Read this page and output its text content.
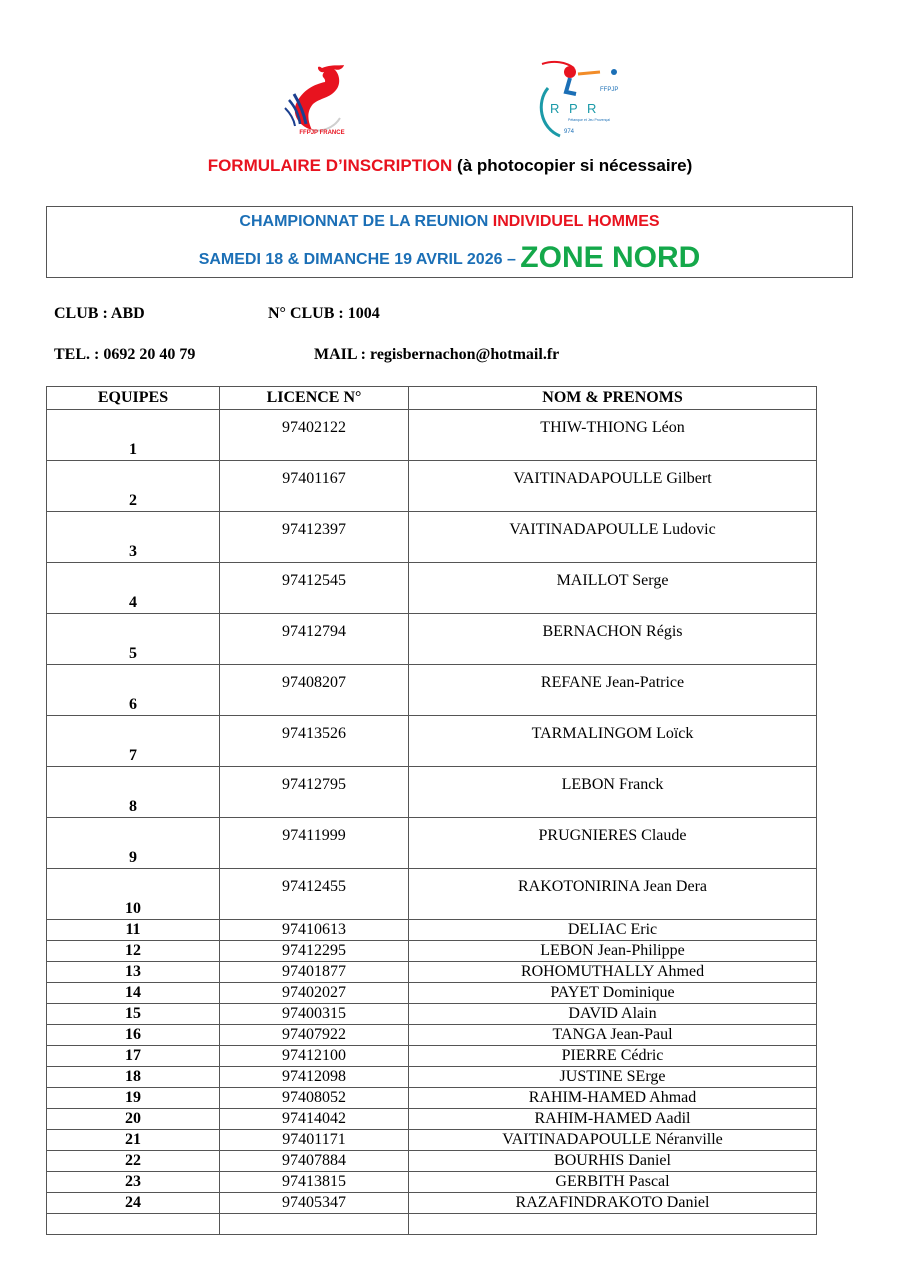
FFPJP FRANCE
FFPJP
R P R
Pétanque et Jeu Provençal
974
FORMULAIRE D’INSCRIPTION (à photocopier si nécessaire)
CHAMPIONNAT DE LA REUNION INDIVIDUEL HOMMES
SAMEDI 18 & DIMANCHE 19 AVRIL 2026 – ZONE NORD
CLUB : ABD	N° CLUB : 1004
TEL. : 0692 20 40 79	MAIL : regisbernachon@hotmail.fr
EQUIPES	LICENCE N°	NOM & PRENOMS
1	97402122	THIW-THIONG Léon
2	97401167	VAITINADAPOULLE Gilbert
3	97412397	VAITINADAPOULLE Ludovic
4	97412545	MAILLOT Serge
5	97412794	BERNACHON Régis
6	97408207	REFANE Jean-Patrice
7	97413526	TARMALINGOM Loïck
8	97412795	LEBON Franck
9	97411999	PRUGNIERES Claude
10	97412455	RAKOTONIRINA Jean Dera
11	97410613	DELIAC Eric
12	97412295	LEBON Jean-Philippe
13	97401877	ROHOMUTHALLY Ahmed
14	97402027	PAYET Dominique
15	97400315	DAVID Alain
16	97407922	TANGA Jean-Paul
17	97412100	PIERRE Cédric
18	97412098	JUSTINE SErge
19	97408052	RAHIM-HAMED Ahmad
20	97414042	RAHIM-HAMED Aadil
21	97401171	VAITINADAPOULLE Néranville
22	97407884	BOURHIS Daniel
23	97413815	GERBITH Pascal
24	97405347	RAZAFINDRAKOTO Daniel
